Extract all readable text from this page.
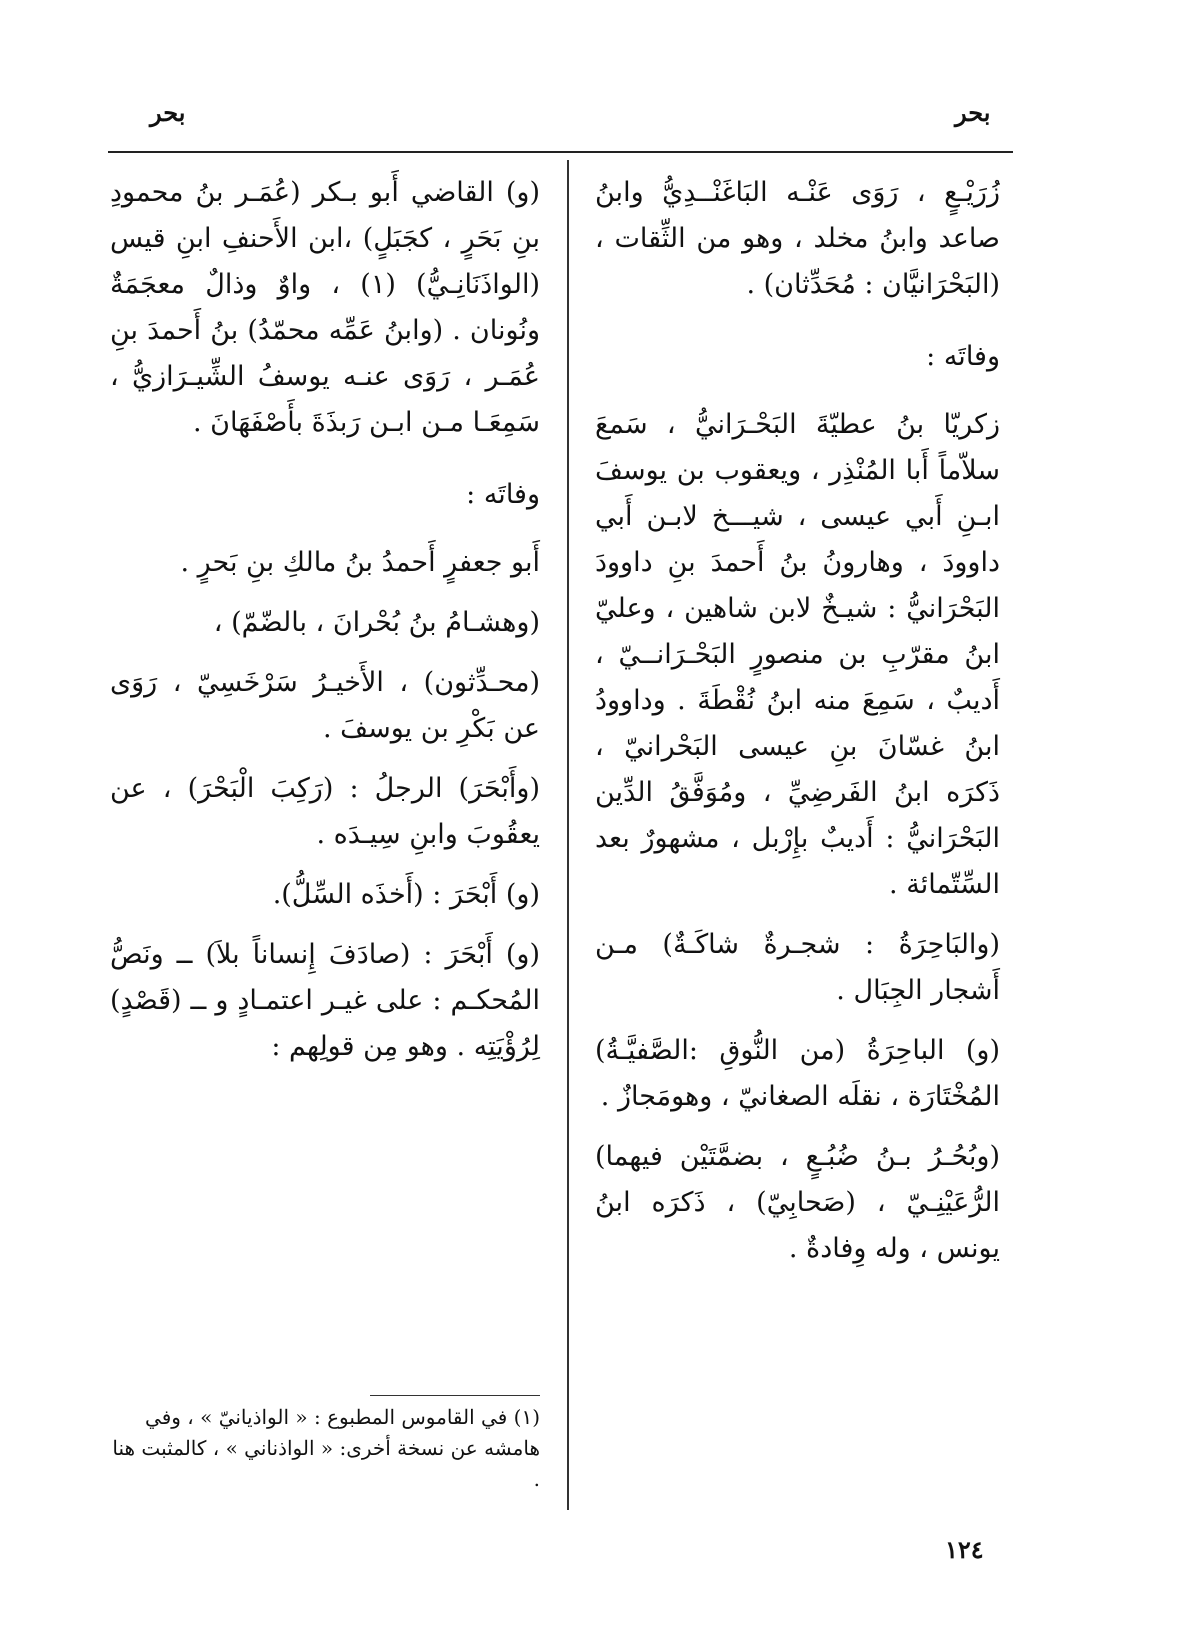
بحر
بحر

زُرَيْـعٍ ، رَوَى عَنْـه البَاغَنْــدِيُّ وابنُ صاعد وابنُ مخلد ، وهو من الثِّقات ، (البَحْرَانيَّان : مُحَدِّثان) .

وفاتَه :

زكريّا بنُ عطيّةَ البَحْـرَانيُّ ، سَمعَ سلاّماً أَبا المُنْذِر ، ويعقوب بن يوسفَ ابـنِ أَبي عيسى ، شيـــخ لابـن أَبي داوودَ ، وهارونُ بنُ أَحمدَ بنِ داوودَ البَحْرَانيُّ : شيـخٌ لابن شاهين ، وعليّ ابنُ مقرّبِ بن منصورٍ البَحْـرَانــيّ ، أَديبٌ ، سَمِعَ منه ابنُ نُقْطَةَ . وداوودُ ابنُ غسّانَ بنِ عيسى البَحْرانيّ ، ذَكرَه ابنُ الفَرضِيِّ ، ومُوَفَّقُ الدِّين البَحْرَانيُّ : أَديبٌ بإِرْبل ، مشهورٌ بعد السِّتّمائة .

(والبَاحِرَةُ : شجـرةٌ شاكَـةٌ) مـن أَشجار الجِبَال .

(و) الباحِرَةُ (من النُّوقِ :الصَّفيَّـةُ) المُخْتَارَة ، نقلَه الصغانيّ ، وهومَجازٌ .

(وبُحُـرُ بـنُ ضُبُـعٍ ، بضمَّتَيْن فيهما) الرُّعَيْنِـيّ ، (صَحابِيّ) ، ذَكرَه ابنُ يونس ، وله وِفادةٌ .

(و) القاضي أَبو بـكر (عُمَـر بنُ محمودِ بنِ بَحَرٍ ، كجَبَلٍ) ،ابن الأَحنفِ ابنِ قيس (الواذَنَانِـيُّ) (١) ، واوٌ وذالٌ معجَمَةٌ ونُونان . (وابنُ عَمِّه محمّدُ) بنُ أَحمدَ بنِ عُمَـر ، رَوَى عنـه يوسفُ الشِّيـرَازيُّ ، سَمِعَـا مـن ابـن رَبذَةَ بأَصْفَهَانَ .

وفاتَه :

أَبو جعفرٍ أَحمدُ بنُ مالكِ بنِ بَحرٍ .

(وهشـامُ بنُ بُحْرانَ ، بالضّمّ) ،

(محـدِّثون) ، الأَخيـرُ سَرْخَسِيّ ، رَوَى عن بَكْرِ بن يوسفَ .

(وأَبْحَرَ) الرجلُ : (رَكِبَ الْبَحْرَ) ، عن يعقُوبَ وابنِ سِيـدَه .

(و) أَبْحَرَ : (أَخذَه السِّلُّ).

(و) أَبْحَرَ : (صادَفَ إِنساناً بلاَ) ــ ونَصُّ المُحكـم : على غيـر اعتمـادٍ و ــ (قَصْدٍ) لِرُؤْيَتِه . وهو مِن قولِهم :

(١) في القاموس المطبوع : « الواذيانيّ » ، وفي هامشه عن نسخة أخرى: « الواذناني » ، كالمثبت هنا .

١٢٤
